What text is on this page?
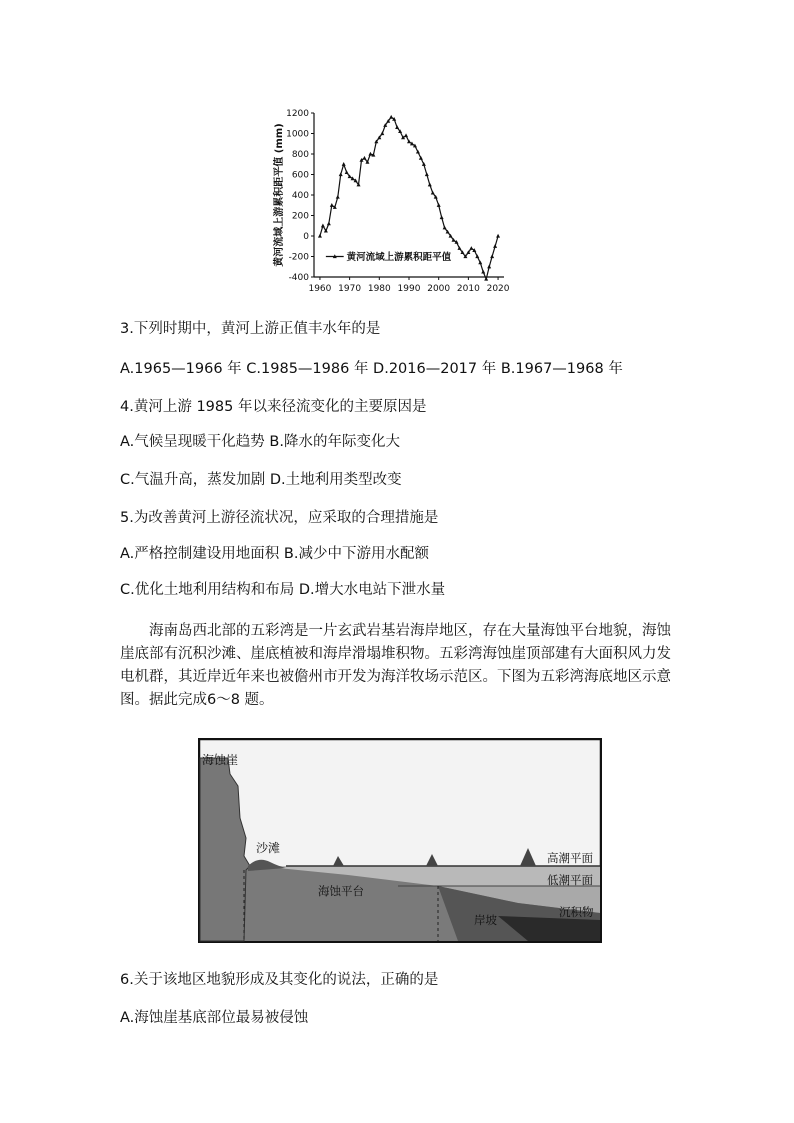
-400
-200
0
200
400
600
800
1000
1200
1960 1970 1980 1990 2000 2010 2020
黄河流域上游累积距平值 (mm)	黄河流域上游累积距平值
3.下列时期中，黄河上游正值丰水年的是
A.1965—1966 年 C.1985—1986 年 D.2016—2017 年 B.1967—1968 年
4.黄河上游 1985 年以来径流变化的主要原因是
A.气候呈现暖干化趋势 B.降水的年际变化大
C.气温升高，蒸发加剧 D.土地利用类型改变
5.为改善黄河上游径流状况，应采取的合理措施是
A.严格控制建设用地面积 B.减少中下游用水配额
C.优化土地利用结构和布局 D.增大水电站下泄水量
海南岛西北部的五彩湾是一片玄武岩基岩海岸地区，存在大量海蚀平台地貌，海蚀崖底部有沉积沙滩、崖底植被和海岸滑塌堆积物。五彩湾海蚀崖顶部建有大面积风力发电机群，其近岸近年来也被儋州市开发为海洋牧场示范区。下图为五彩湾海底地区示意图。据此完成6～8 题。
海蚀崖
沙滩
高潮平面
低潮平面
海蚀平台
岸坡
沉积物
6.关于该地区地貌形成及其变化的说法，正确的是
A.海蚀崖基底部位最易被侵蚀
